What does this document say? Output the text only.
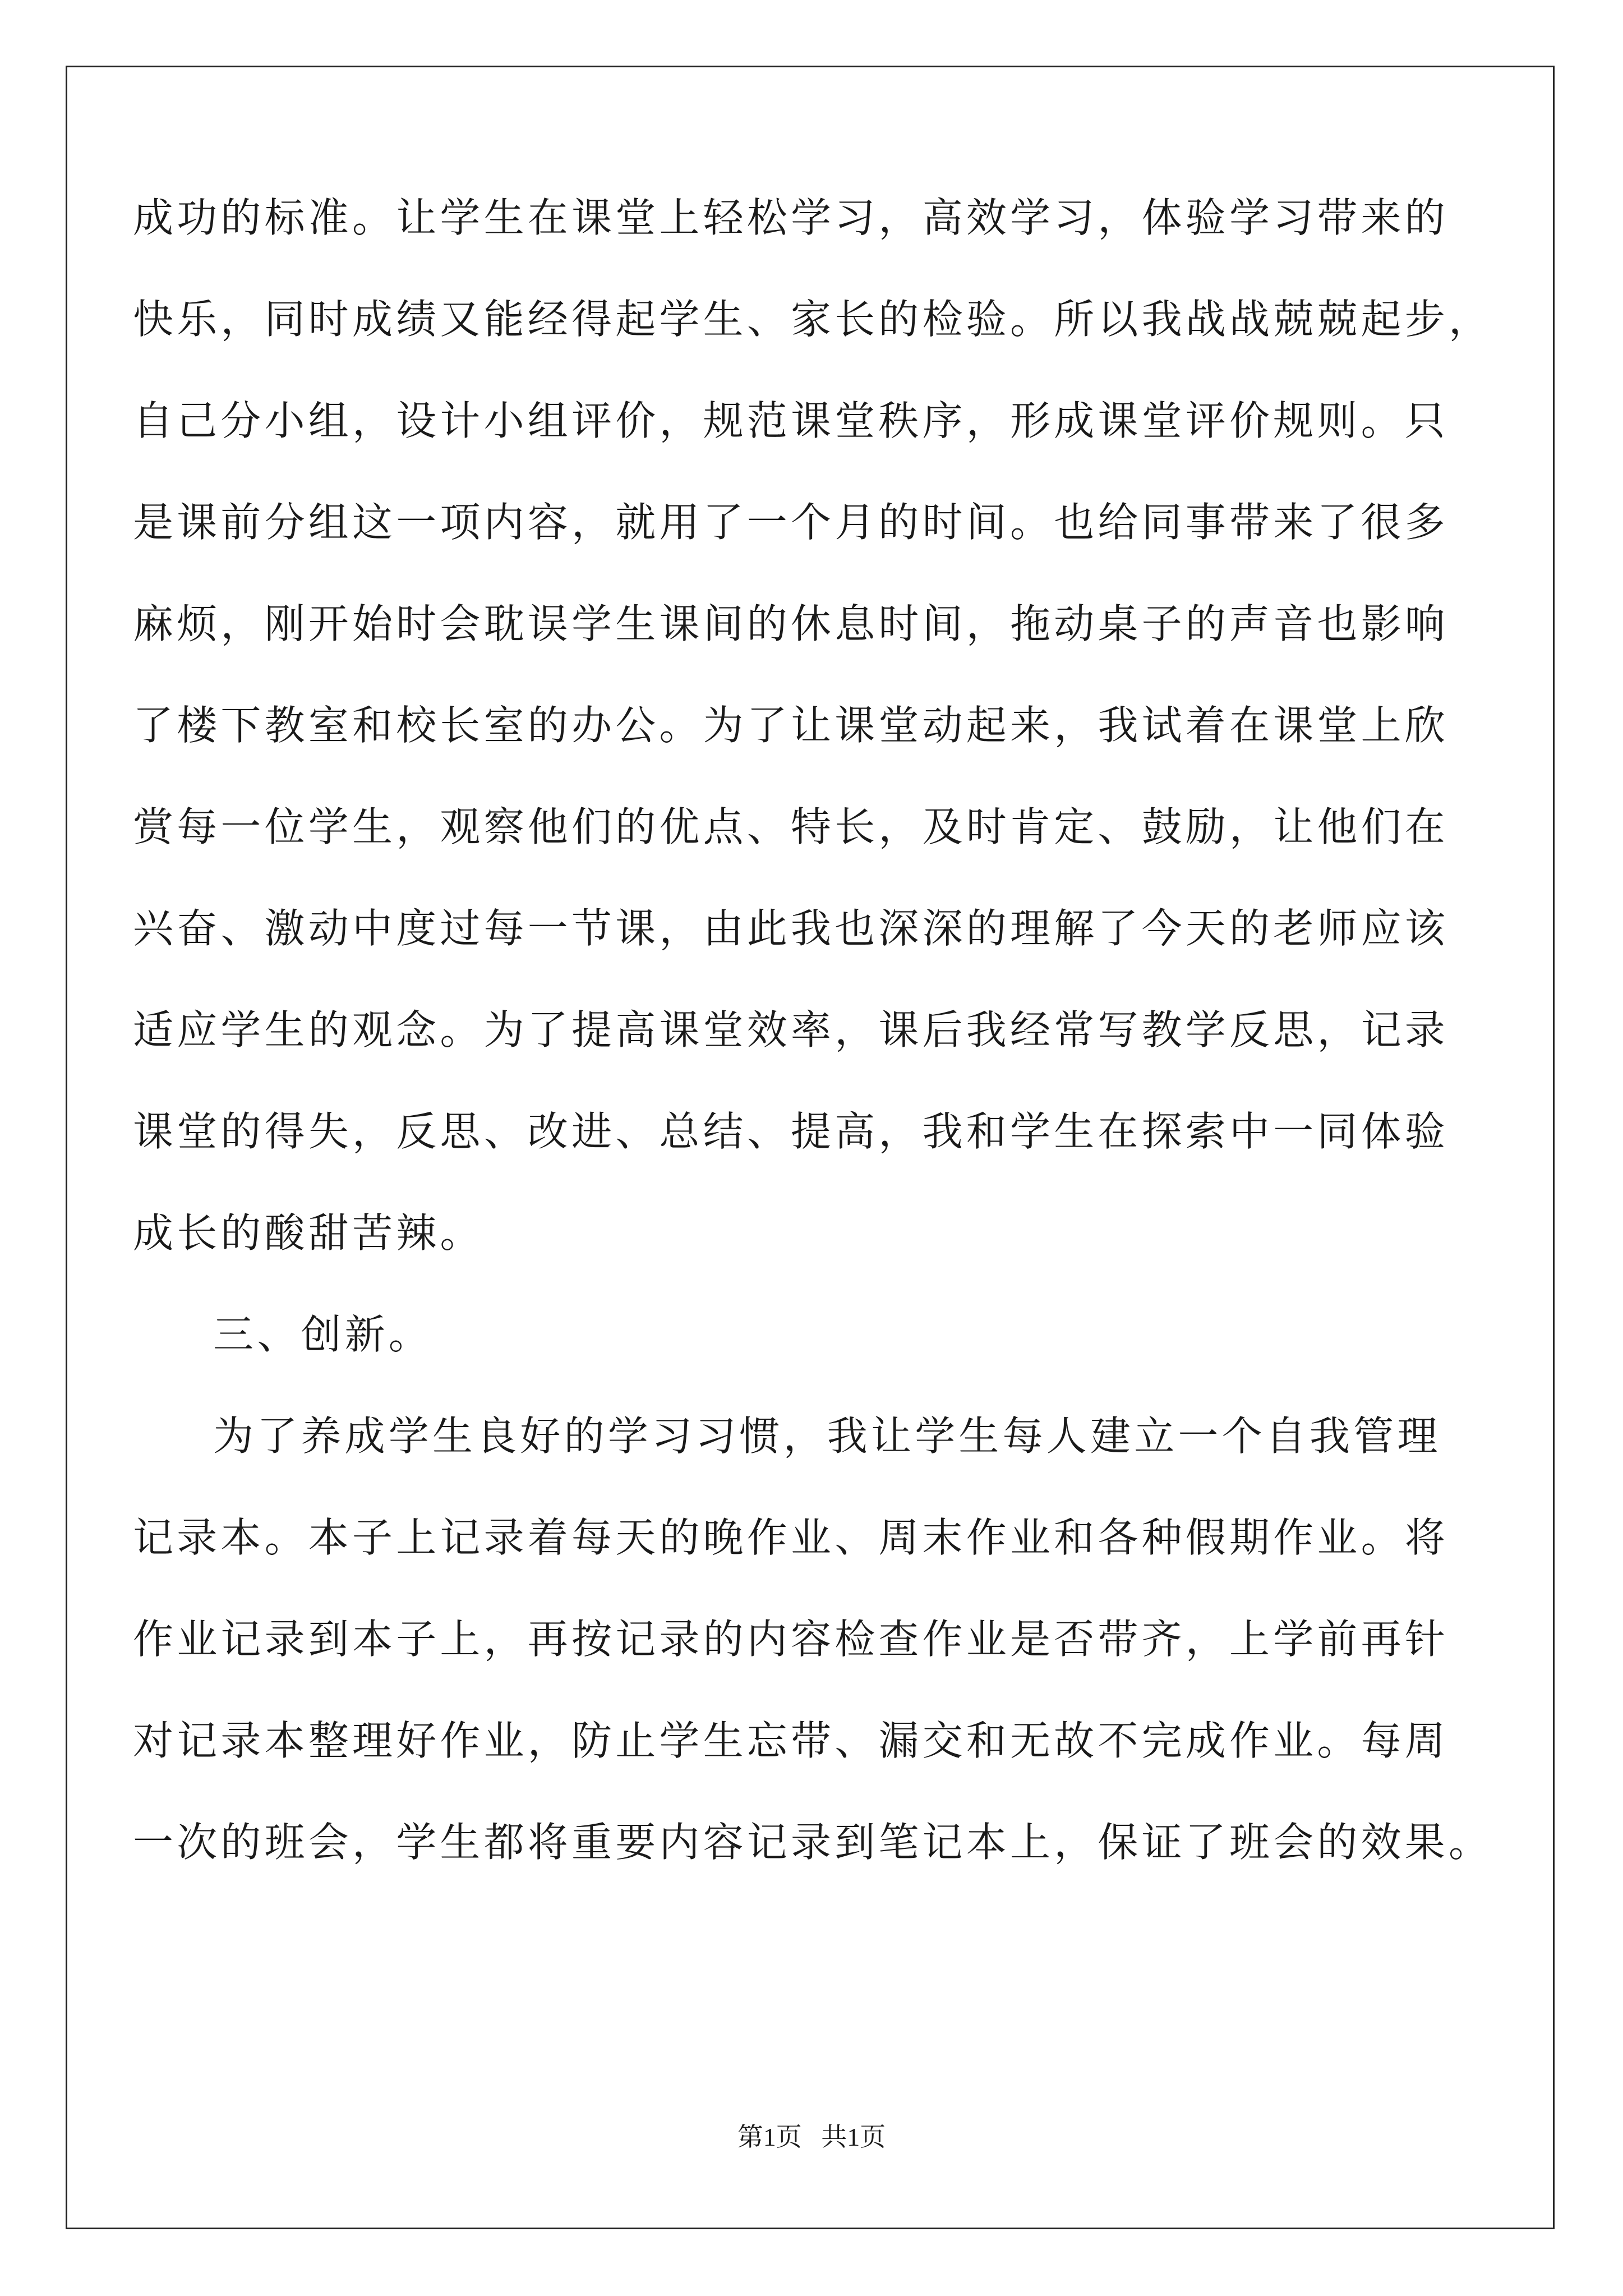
成功的标准。让学生在课堂上轻松学习，高效学习，体验学习带来的
快乐，同时成绩又能经得起学生、家长的检验。所以我战战兢兢起步，
自己分小组，设计小组评价，规范课堂秩序，形成课堂评价规则。只
是课前分组这一项内容，就用了一个月的时间。也给同事带来了很多
麻烦，刚开始时会耽误学生课间的休息时间，拖动桌子的声音也影响
了楼下教室和校长室的办公。为了让课堂动起来，我试着在课堂上欣
赏每一位学生，观察他们的优点、特长，及时肯定、鼓励，让他们在
兴奋、激动中度过每一节课，由此我也深深的理解了今天的老师应该
适应学生的观念。为了提高课堂效率，课后我经常写教学反思，记录
课堂的得失，反思、改进、总结、提高，我和学生在探索中一同体验
成长的酸甜苦辣。
三、创新。
为了养成学生良好的学习习惯，我让学生每人建立一个自我管理
记录本。本子上记录着每天的晚作业、周末作业和各种假期作业。将
作业记录到本子上，再按记录的内容检查作业是否带齐，上学前再针
对记录本整理好作业，防止学生忘带、漏交和无故不完成作业。每周
一次的班会，学生都将重要内容记录到笔记本上，保证了班会的效果。
第1页   共1页
